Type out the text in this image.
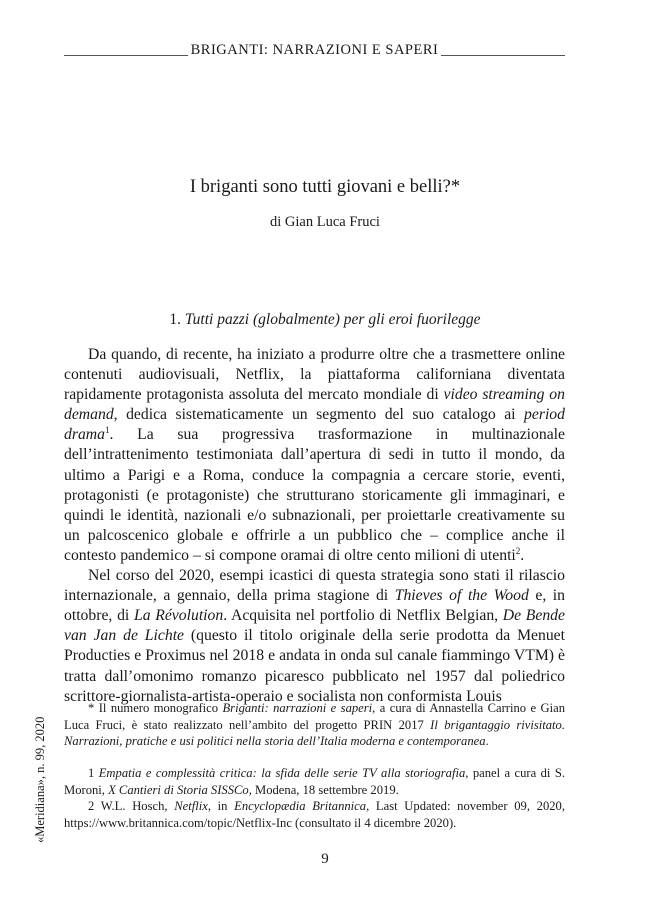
BRIGANTI: NARRAZIONI E SAPERI
I briganti sono tutti giovani e belli?*
di Gian Luca Fruci
1. Tutti pazzi (globalmente) per gli eroi fuorilegge

Da quando, di recente, ha iniziato a produrre oltre che a trasmettere online contenuti audiovisuali, Netflix, la piattaforma californiana diventata rapidamente protagonista assoluta del mercato mondiale di video streaming on demand, dedica sistematicamente un segmento del suo catalogo ai period drama$^1$. La sua progressiva trasformazione in multinazionale dell’intrattenimento testimoniata dall’apertura di sedi in tutto il mondo, da ultimo a Parigi e a Roma, conduce la compagnia a cercare storie, eventi, protagonisti (e protagoniste) che strutturano storicamente gli immaginari, e quindi le identità, nazionali e/o subnazionali, per proiettarle creativamente su un palcoscenico globale e offrirle a un pubblico che – complice anche il contesto pandemico – si compone oramai di oltre cento milioni di utenti$^2$.

Nel corso del 2020, esempi icastici di questa strategia sono stati il rilascio internazionale, a gennaio, della prima stagione di Thieves of the Wood e, in ottobre, di La Révolution. Acquisita nel portfolio di Netflix Belgian, De Bende van Jan de Lichte (questo il titolo originale della serie prodotta da Menuet Producties e Proximus nel 2018 e andata in onda sul canale fiammingo VTM) è tratta dall’omonimo romanzo picaresco pubblicato nel 1957 dal poliedrico scrittore-giornalista-artista-operaio e socialista non conformista Louis

* Il numero monografico Briganti: narrazioni e saperi, a cura di Annastella Carrino e Gian Luca Fruci, è stato realizzato nell’ambito del progetto PRIN 2017 Il brigantaggio rivisitato. Narrazioni, pratiche e usi politici nella storia dell’Italia moderna e contemporanea.

1 Empatia e complessità critica: la sfida delle serie TV alla storiografia, panel a cura di S. Moroni, X Cantieri di Storia SISSCo, Modena, 18 settembre 2019.

2 W.L. Hosch, Netflix, in Encyclopædia Britannica, Last Updated: november 09, 2020, https://www.britannica.com/topic/Netflix-Inc (consultato il 4 dicembre 2020).

«Meridiana», n. 99, 2020
9
